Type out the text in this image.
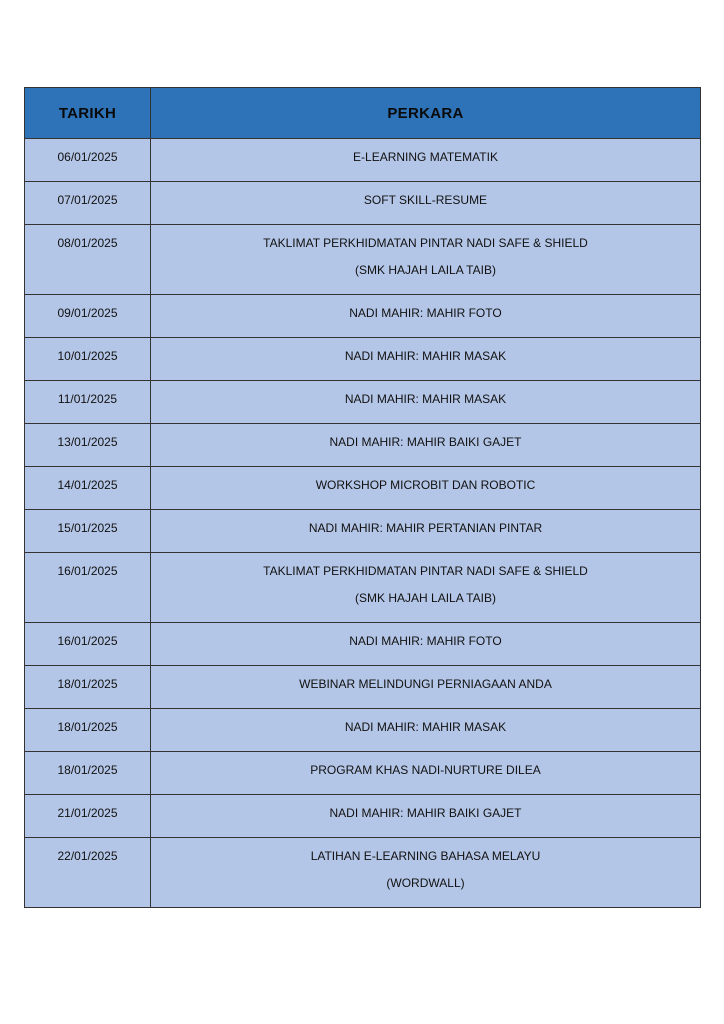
TARIKH	PERKARA

06/01/2025	E-LEARNING MATEMATIK

07/01/2025	SOFT SKILL-RESUME

08/01/2025	TAKLIMAT PERKHIDMATAN PINTAR NADI SAFE & SHIELD
(SMK HAJAH LAILA TAIB)

09/01/2025	NADI MAHIR: MAHIR FOTO

10/01/2025	NADI MAHIR: MAHIR MASAK

11/01/2025	NADI MAHIR: MAHIR MASAK

13/01/2025	NADI MAHIR: MAHIR BAIKI GAJET

14/01/2025	WORKSHOP MICROBIT DAN ROBOTIC

15/01/2025	NADI MAHIR: MAHIR PERTANIAN PINTAR

16/01/2025	TAKLIMAT PERKHIDMATAN PINTAR NADI SAFE & SHIELD
(SMK HAJAH LAILA TAIB)

16/01/2025	NADI MAHIR: MAHIR FOTO

18/01/2025	WEBINAR MELINDUNGI PERNIAGAAN ANDA

18/01/2025	NADI MAHIR: MAHIR MASAK

18/01/2025	PROGRAM KHAS NADI-NURTURE DILEA

21/01/2025	NADI MAHIR: MAHIR BAIKI GAJET

22/01/2025	LATIHAN E-LEARNING BAHASA MELAYU
(WORDWALL)
